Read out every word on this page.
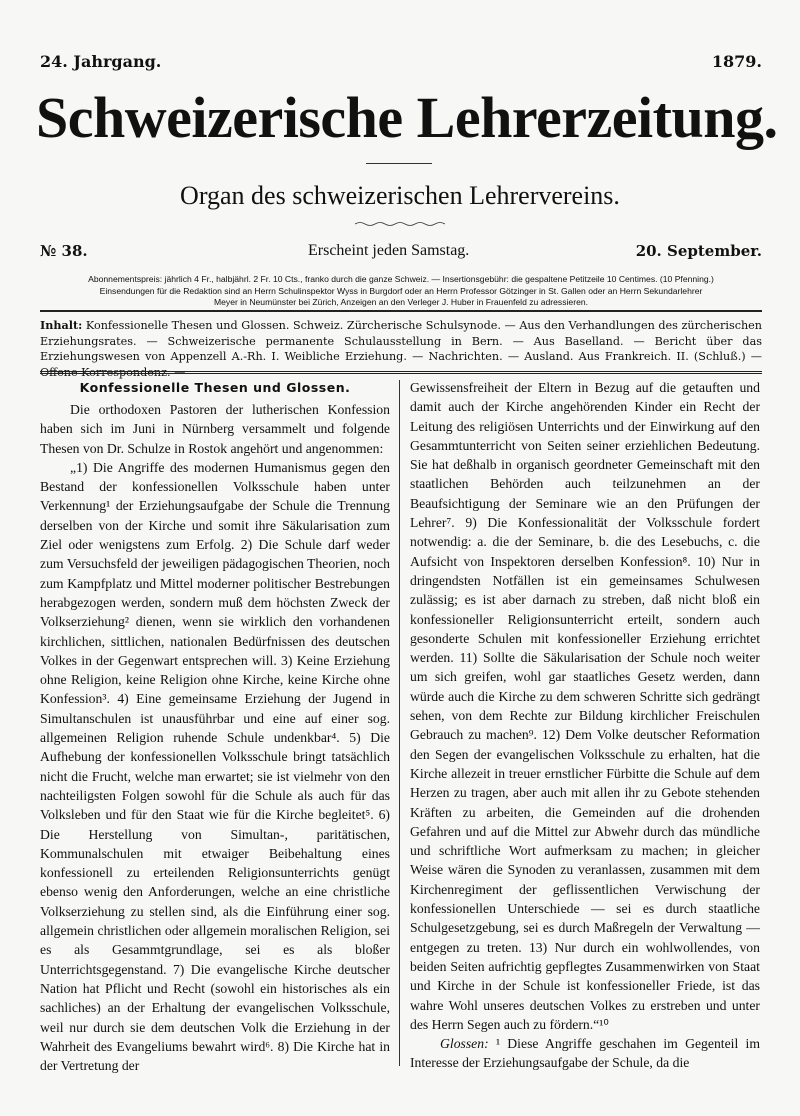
24. Jahrgang.	1879.
Schweizerische Lehrerzeitung.
Organ des schweizerischen Lehrervereins.
№ 38.	Erscheint jeden Samstag.	20. September.
Abonnementspreis: jährlich 4 Fr., halbjährl. 2 Fr. 10 Cts., franko durch die ganze Schweiz. — Insertionsgebühr: die gespaltene Petitzeile 10 Centimes. (10 Pfenning.)
Einsendungen für die Redaktion sind an Herrn Schulinspektor Wyss in Burgdorf oder an Herrn Professor Götzinger in St. Gallen oder an Herrn Sekundarlehrer
Meyer in Neumünster bei Zürich, Anzeigen an den Verleger J. Huber in Frauenfeld zu adressieren.
Inhalt: Konfessionelle Thesen und Glossen. Schweiz. Zürcherische Schulsynode. — Aus den Verhandlungen des zürcherischen Erziehungsrates. — Schweizerische permanente Schulausstellung in Bern. — Aus Baselland. — Bericht über das Erziehungswesen von Appenzell A.-Rh. I. Weibliche Erziehung. — Nachrichten. — Ausland. Aus Frankreich. II. (Schluß.) — Offene Korrespondenz. —
Konfessionelle Thesen und Glossen.

Die orthodoxen Pastoren der lutherischen Konfession haben sich im Juni in Nürnberg versammelt und folgende Thesen von Dr. Schulze in Rostok angehört und angenommen:

„1) Die Angriffe des modernen Humanismus gegen den Bestand der konfessionellen Volksschule haben unter Verkennung¹ der Erziehungsaufgabe der Schule die Trennung derselben von der Kirche und somit ihre Säkularisation zum Ziel oder wenigstens zum Erfolg. 2) Die Schule darf weder zum Versuchsfeld der jeweiligen pädagogischen Theorien, noch zum Kampfplatz und Mittel moderner politischer Bestrebungen herabgezogen werden, sondern muß dem höchsten Zweck der Volkserziehung² dienen, wenn sie wirklich den vorhandenen kirchlichen, sittlichen, nationalen Bedürfnissen des deutschen Volkes in der Gegenwart entsprechen will. 3) Keine Erziehung ohne Religion, keine Religion ohne Kirche, keine Kirche ohne Konfession³. 4) Eine gemeinsame Erziehung der Jugend in Simultanschulen ist unausführbar und eine auf einer sog. allgemeinen Religion ruhende Schule undenkbar⁴. 5) Die Aufhebung der konfessionellen Volksschule bringt tatsächlich nicht die Frucht, welche man erwartet; sie ist vielmehr von den nachteiligsten Folgen sowohl für die Schule als auch für das Volksleben und für den Staat wie für die Kirche begleitet⁵. 6) Die Herstellung von Simultan-, paritätischen, Kommunalschulen mit etwaiger Beibehaltung eines konfessionell zu erteilenden Religionsunterrichts genügt ebenso wenig den Anforderungen, welche an eine christliche Volkserziehung zu stellen sind, als die Einführung einer sog. allgemein christlichen oder allgemein moralischen Religion, sei es als Gesammtgrundlage, sei es als bloßer Unterrichtsgegenstand. 7) Die evangelische Kirche deutscher Nation hat Pflicht und Recht (sowohl ein historisches als ein sachliches) an der Erhaltung der evangelischen Volksschule, weil nur durch sie dem deutschen Volk die Erziehung in der Wahrheit des Evangeliums bewahrt wird⁶. 8) Die Kirche hat in der Vertretung der

Gewissensfreiheit der Eltern in Bezug auf die getauften und damit auch der Kirche angehörenden Kinder ein Recht der Leitung des religiösen Unterrichts und der Einwirkung auf den Gesammtunterricht von Seiten seiner erziehlichen Bedeutung. Sie hat deßhalb in organisch geordneter Gemeinschaft mit den staatlichen Behörden auch teilzunehmen an der Beaufsichtigung der Seminare wie an den Prüfungen der Lehrer⁷. 9) Die Konfessionalität der Volksschule fordert notwendig: a. die der Seminare, b. die des Lesebuchs, c. die Aufsicht von Inspektoren derselben Konfession⁸. 10) Nur in dringendsten Notfällen ist ein gemeinsames Schulwesen zulässig; es ist aber darnach zu streben, daß nicht bloß ein konfessioneller Religionsunterricht erteilt, sondern auch gesonderte Schulen mit konfessioneller Erziehung errichtet werden. 11) Sollte die Säkularisation der Schule noch weiter um sich greifen, wohl gar staatliches Gesetz werden, dann würde auch die Kirche zu dem schweren Schritte sich gedrängt sehen, von dem Rechte zur Bildung kirchlicher Freischulen Gebrauch zu machen⁹. 12) Dem Volke deutscher Reformation den Segen der evangelischen Volksschule zu erhalten, hat die Kirche allezeit in treuer ernstlicher Fürbitte die Schule auf dem Herzen zu tragen, aber auch mit allen ihr zu Gebote stehenden Kräften zu arbeiten, die Gemeinden auf die drohenden Gefahren und auf die Mittel zur Abwehr durch das mündliche und schriftliche Wort aufmerksam zu machen; in gleicher Weise wären die Synoden zu veranlassen, zusammen mit dem Kirchenregiment der geflissentlichen Verwischung der konfessionellen Unterschiede — sei es durch staatliche Schulgesetzgebung, sei es durch Maßregeln der Verwaltung — entgegen zu treten. 13) Nur durch ein wohlwollendes, von beiden Seiten aufrichtig gepflegtes Zusammenwirken von Staat und Kirche in der Schule ist konfessioneller Friede, ist das wahre Wohl unseres deutschen Volkes zu erstreben und unter des Herrn Segen auch zu fördern.“¹⁰

Glossen: ¹ Diese Angriffe geschahen im Gegenteil im Interesse der Erziehungsaufgabe der Schule, da die
